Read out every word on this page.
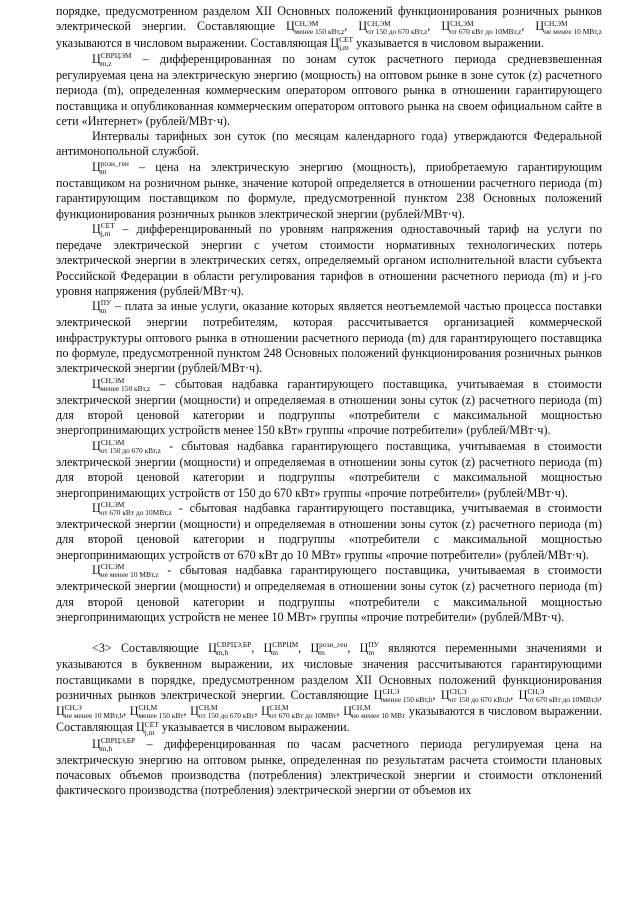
порядке, предусмотренном разделом XII Основных положений функционирования розничных рынков электрической энергии. Составляющие Ц СН,ЭМ
менее 150 кВт,z , Ц СН,ЭМ
от 150 до 670 кВт,z , Ц СН,ЭМ
от 670 кВт до 10МВт,z , Ц СН,ЭМ
не менее 10 МВт,z
указываются в числовом выражении. Составляющая Ц СЕТ
j,m указывается в числовом выражении.

Ц СВРЦЭМ
m,z	– дифференцированная по зонам суток расчетного периода средневзвешенная регулируемая цена на электрическую энергию (мощность) на оптовом рынке в зоне суток (z) расчетного периода (m), определенная коммерческим оператором оптового рынка в отношении гарантирующего поставщика и опубликованная коммерческим оператором оптового рынка на своем официальном сайте в сети «Интернет» (рублей/МВт·ч).

Интервалы тарифных зон суток (по месяцам календарного года) утверждаются Федеральной антимонопольной службой.

Ц розн_ген
m	– цена на электрическую энергию (мощность), приобретаемую гарантирующим поставщиком на розничном рынке, значение которой определяется в отношении расчетного периода (m) гарантирующим поставщиком по формуле, предусмотренной пунктом 238 Основных положений функционирования розничных рынков электрической энергии (рублей/МВт·ч).

Ц СЕТ
j,m – дифференцированный по уровням напряжения одноставочный тариф на услуги по передаче электрической энергии с учетом стоимости нормативных технологических потерь электрической энергии в электрических сетях, определяемый органом исполнительной власти субъекта Российской Федерации в области регулирования тарифов в отношении расчетного периода (m) и j-го уровня напряжения (рублей/МВт·ч).

Ц ПУ
m – плата за иные услуги, оказание которых является неотъемлемой частью процесса поставки электрической энергии потребителям, которая рассчитывается организацией коммерческой инфраструктуры оптового рынка в отношении расчетного периода (m) для гарантирующего поставщика по формуле, предусмотренной пунктом 248 Основных положений функционирования розничных рынков электрической энергии (рублей/МВт·ч).

Ц СН,ЭМ
менее 150 кВт,z – сбытовая надбавка гарантирующего поставщика, учитываемая в стоимости электрической энергии (мощности) и определяемая в отношении зоны суток (z) расчетного периода (m) для второй ценовой категории и подгруппы «потребители с максимальной мощностью энергопринимающих устройств менее 150 кВт» группы «прочие потребители» (рублей/МВт·ч).

Ц СН,ЭМ
от 150 до 670 кВт,z - сбытовая надбавка гарантирующего поставщика, учитываемая в стоимости электрической энергии (мощности) и определяемая в отношении зоны суток (z) расчетного периода (m) для второй ценовой категории и подгруппы «потребители с максимальной мощностью энергопринимающих устройств от 150 до 670 кВт» группы «прочие потребители» (рублей/МВт·ч).

Ц СН,ЭМ
от 670 кВт до 10МВт,z - сбытовая надбавка гарантирующего поставщика, учитываемая в стоимости электрической энергии (мощности) и определяемая в отношении зоны суток (z) расчетного периода (m) для второй ценовой категории и подгруппы «потребители с максимальной мощностью энергопринимающих устройств от 670 кВт до 10 МВт» группы «прочие потребители» (рублей/МВт·ч).

Ц СН,ЭМ
не менее 10 МВт,z - сбытовая надбавка гарантирующего поставщика, учитываемая в стоимости электрической энергии (мощности) и определяемая в отношении зоны суток (z) расчетного периода (m) для второй ценовой категории и подгруппы «потребители с максимальной мощностью энергопринимающих устройств не менее 10 МВт» группы «прочие потребители» (рублей/МВт·ч).

<3> Составляющие Ц СВРЦЭ,БР
m,h	, Ц СВРЦМ
m	, Ц розн_ген
m	, Ц ПУ
m являются переменными значениями и указываются в буквенном выражении, их числовые значения рассчитываются гарантирующими поставщиками в порядке, предусмотренном разделом XII Основных положений функционирования розничных рынков электрической энергии. Составляющие Ц СН,Э
менее 150 кВт,h , Ц СН,Э
от 150 до 670 кВт,h , Ц СН,Э
от 670 кВт до 10МВт,h , Ц СН,Э
не менее 10 МВт,h , Ц СН,М
менее 150 кВт , Ц СН,М
от 150 до 670 кВт , Ц СН,М
от 670 кВт до 10МВт , Ц СН,М
не менее 10 МВт указываются в числовом выражении. Составляющая Ц СЕТ
j,m указывается в числовом выражении.

Ц СВРЦЭ,БР
m,h	– дифференцированная по часам расчетного периода регулируемая цена на электрическую энергию на оптовом рынке, определенная по результатам расчета стоимости плановых почасовых объемов производства (потребления) электрической энергии и стоимости отклонений фактического производства (потребления) электрической энергии от объемов их
